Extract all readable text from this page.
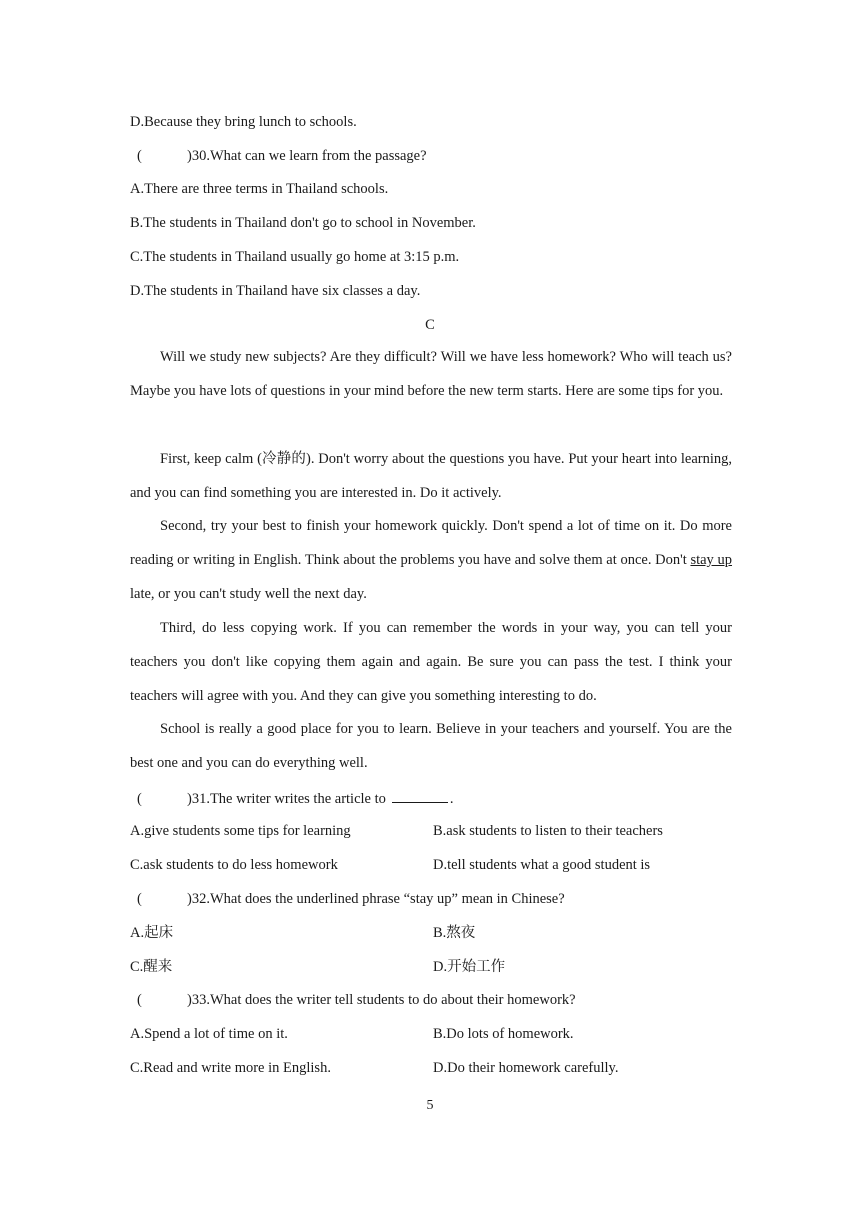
D.Because they bring lunch to schools.
(	)30.What can we learn from the passage?
A.There are three terms in Thailand schools.
B.The students in Thailand don't go to school in November.
C.The students in Thailand usually go home at 3:15 p.m.
D.The students in Thailand have six classes a day.
C
Will we study new subjects? Are they difficult? Will we have less homework? Who will teach us? Maybe you have lots of questions in your mind before the new term starts. Here are some tips for you.
First, keep calm (冷静的). Don't worry about the questions you have. Put your heart into learning, and you can find something you are interested in. Do it actively.
Second, try your best to finish your homework quickly. Don't spend a lot of time on it. Do more reading or writing in English. Think about the problems you have and solve them at once. Don't stay up late, or you can't study well the next day.
Third, do less copying work. If you can remember the words in your way, you can tell your teachers you don't like copying them again and again. Be sure you can pass the test. I think your teachers will agree with you. And they can give you something interesting to do.
School is really a good place for you to learn. Believe in your teachers and yourself. You are the best one and you can do everything well.
(	)31.The writer writes the article to	.
A.give students some tips for learning	B.ask students to listen to their teachers
C.ask students to do less homework	D.tell students what a good student is
(	)32.What does the underlined phrase “stay up” mean in Chinese?
A.起床	B.熬夜
C.醒来	D.开始工作
(	)33.What does the writer tell students to do about their homework?
A.Spend a lot of time on it.	B.Do lots of homework.
C.Read and write more in English.	D.Do their homework carefully.
5
